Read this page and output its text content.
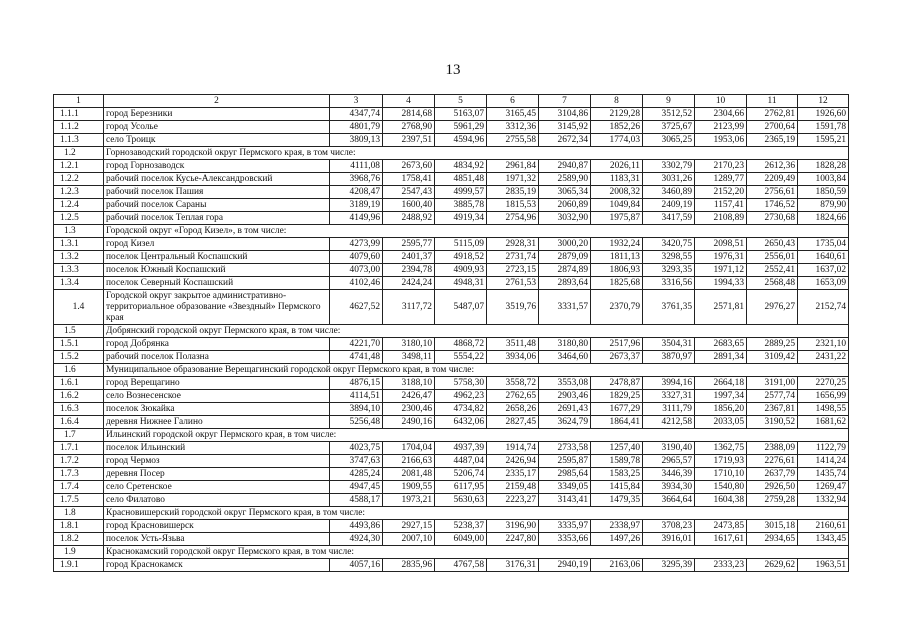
13
1	2	3	4	5	6	7	8	9	10	11	12
1.1.1	город Березники	4347,74	2814,68	5163,07	3165,45	3104,86	2129,28	3512,52	2304,66	2762,81	1926,60
1.1.2	город Усолье	4801,79	2768,90	5961,29	3312,36	3145,92	1852,26	3725,67	2123,99	2700,64	1591,78
1.1.3	село Троицк	3809,13	2397,51	4594,96	2755,58	2672,34	1774,03	3065,25	1953,06	2365,19	1595,21
1.2	Горнозаводский городской округ Пермского края, в том числе:										
1.2.1	город Горнозаводск	4111,08	2673,60	4834,92	2961,84	2940,87	2026,11	3302,79	2170,23	2612,36	1828,28
1.2.2	рабочий поселок Кусье-Александровский	3968,76	1758,41	4851,48	1971,32	2589,90	1183,31	3031,26	1289,77	2209,49	1003,84
1.2.3	рабочий поселок Пашия	4208,47	2547,43	4999,57	2835,19	3065,34	2008,32	3460,89	2152,20	2756,61	1850,59
1.2.4	рабочий поселок Сараны	3189,19	1600,40	3885,78	1815,53	2060,89	1049,84	2409,19	1157,41	1746,52	879,90
1.2.5	рабочий поселок Теплая гора	4149,96	2488,92	4919,34	2754,96	3032,90	1975,87	3417,59	2108,89	2730,68	1824,66
1.3	Городской округ «Город Кизел», в том числе:										
1.3.1	город Кизел	4273,99	2595,77	5115,09	2928,31	3000,20	1932,24	3420,75	2098,51	2650,43	1735,04
1.3.2	поселок Центральный Коспашский	4079,60	2401,37	4918,52	2731,74	2879,09	1811,13	3298,55	1976,31	2556,01	1640,61
1.3.3	поселок Южный Коспашский	4073,00	2394,78	4909,93	2723,15	2874,89	1806,93	3293,35	1971,12	2552,41	1637,02
1.3.4	поселок Северный Коспашский	4102,46	2424,24	4948,31	2761,53	2893,64	1825,68	3316,56	1994,33	2568,48	1653,09
1.4	Городской округ закрытое административно-территориальное образование «Звездный» Пермского края	4627,52	3117,72	5487,07	3519,76	3331,57	2370,79	3761,35	2571,81	2976,27	2152,74
1.5	Добрянский городской округ Пермского края, в том числе:										
1.5.1	город Добрянка	4221,70	3180,10	4868,72	3511,48	3180,80	2517,96	3504,31	2683,65	2889,25	2321,10
1.5.2	рабочий поселок Полазна	4741,48	3498,11	5554,22	3934,06	3464,60	2673,37	3870,97	2891,34	3109,42	2431,22
1.6	Муниципальное образование Верещагинский городской округ Пермского края, в том числе:										
1.6.1	город Верещагино	4876,15	3188,10	5758,30	3558,72	3553,08	2478,87	3994,16	2664,18	3191,00	2270,25
1.6.2	село Вознесенское	4114,51	2426,47	4962,23	2762,65	2903,46	1829,25	3327,31	1997,34	2577,74	1656,99
1.6.3	поселок Зюкайка	3894,10	2300,46	4734,82	2658,26	2691,43	1677,29	3111,79	1856,20	2367,81	1498,55
1.6.4	деревня Нижнее Галино	5256,48	2490,16	6432,06	2827,45	3624,79	1864,41	4212,58	2033,05	3190,52	1681,62
1.7	Ильинский городской округ Пермского края, в том числе:										
1.7.1	поселок Ильинский	4023,75	1704,04	4937,39	1914,74	2733,58	1257,40	3190,40	1362,75	2388,09	1122,79
1.7.2	город Чермоз	3747,63	2166,63	4487,04	2426,94	2595,87	1589,78	2965,57	1719,93	2276,61	1414,24
1.7.3	деревня Посер	4285,24	2081,48	5206,74	2335,17	2985,64	1583,25	3446,39	1710,10	2637,79	1435,74
1.7.4	село Сретенское	4947,45	1909,55	6117,95	2159,48	3349,05	1415,84	3934,30	1540,80	2926,50	1269,47
1.7.5	село Филатово	4588,17	1973,21	5630,63	2223,27	3143,41	1479,35	3664,64	1604,38	2759,28	1332,94
1.8	Красновишерский городской округ Пермского края, в том числе:										
1.8.1	город Красновишерск	4493,86	2927,15	5238,37	3196,90	3335,97	2338,97	3708,23	2473,85	3015,18	2160,61
1.8.2	поселок Усть-Язьва	4924,30	2007,10	6049,00	2247,80	3353,66	1497,26	3916,01	1617,61	2934,65	1343,45
1.9	Краснокамский городской округ Пермского края, в том числе:										
1.9.1	город Краснокамск	4057,16	2835,96	4767,58	3176,31	2940,19	2163,06	3295,39	2333,23	2629,62	1963,51
